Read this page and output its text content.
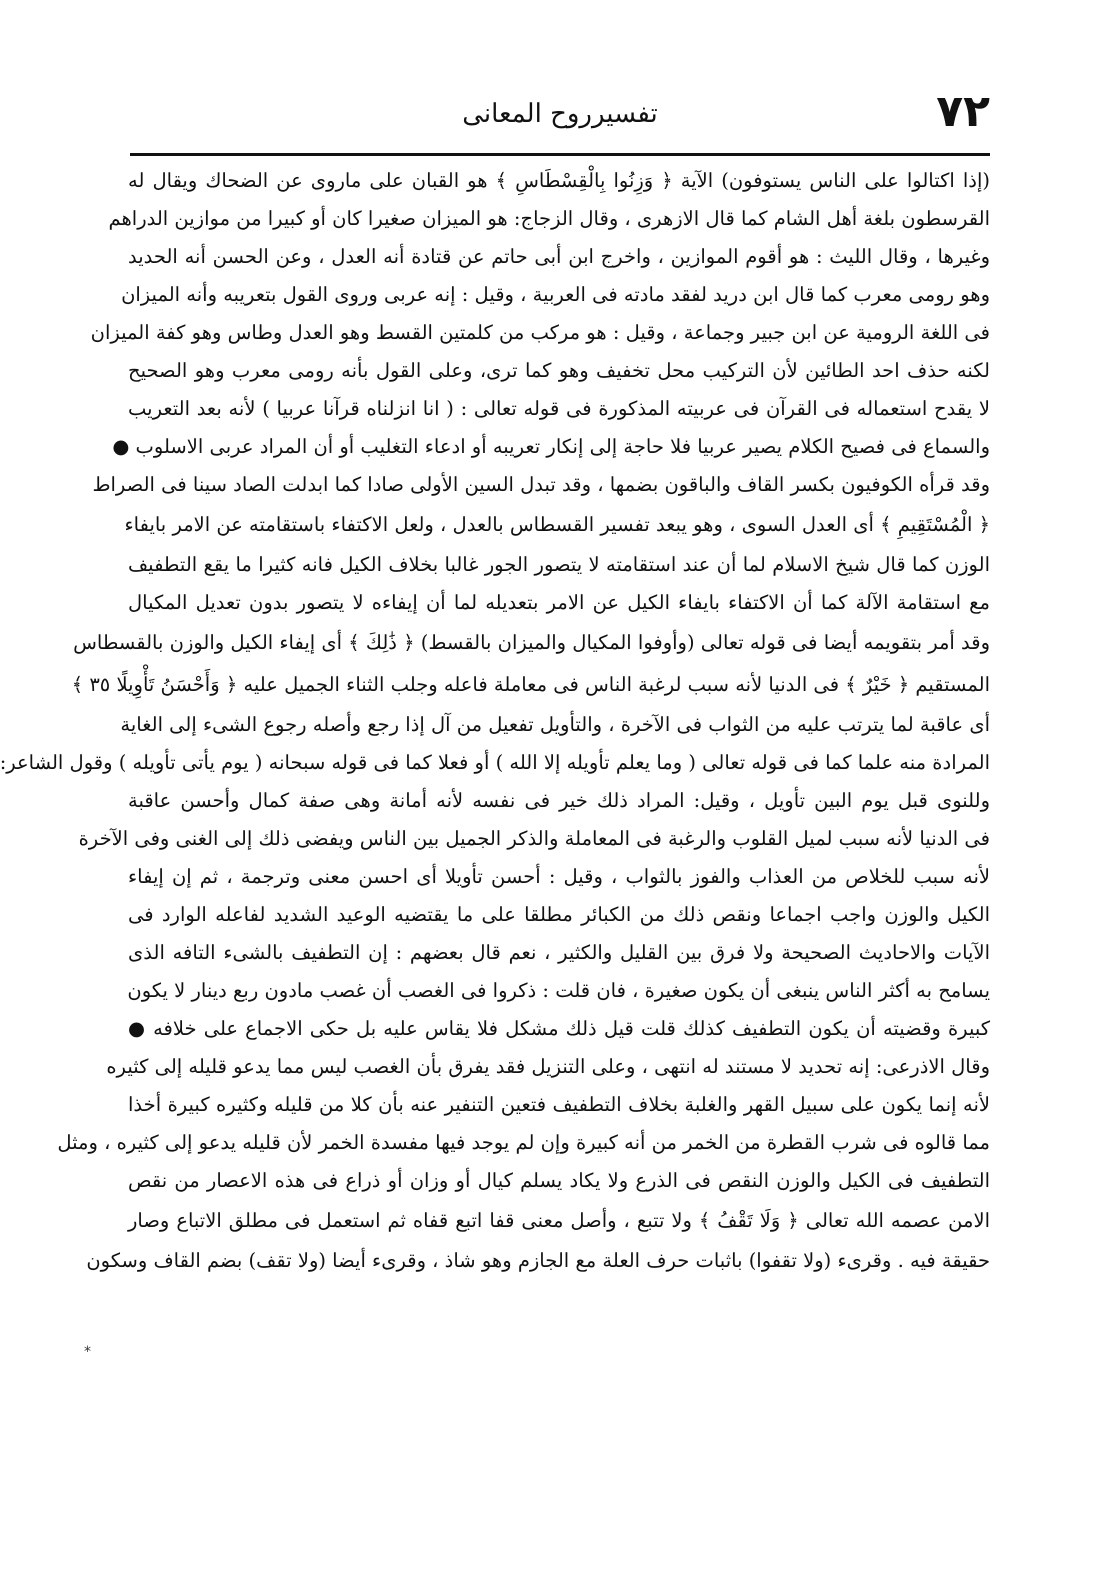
٧٢
تفسيرروح المعانى
(إذا اكتالوا على الناس يستوفون) الآية ﴿ وَزِنُوا بِالْقِسْطَاسِ ﴾ هو القبان على ماروى عن الضحاك ويقال له
القرسطون بلغة أهل الشام كما قال الازهرى ، وقال الزجاج: هو الميزان صغيرا كان أو كبيرا من موازين الدراهم
وغيرها ، وقال الليث : هو أقوم الموازين ، واخرج ابن أبى حاتم عن قتادة أنه العدل ، وعن الحسن أنه الحديد
وهو رومى معرب كما قال ابن دريد لفقد مادته فى العربية ، وقيل : إنه عربى وروى القول بتعريبه وأنه الميزان
فى اللغة الرومية عن ابن جبير وجماعة ، وقيل : هو مركب من كلمتين القسط وهو العدل وطاس وهو كفة الميزان
لكنه حذف احد الطائين لأن التركيب محل تخفيف وهو كما ترى، وعلى القول بأنه رومى معرب وهو الصحيح
لا يقدح استعماله فى القرآن فى عربيته المذكورة فى قوله تعالى : ( انا انزلناه قرآنا عربيا ) لأنه بعد التعريب
والسماع فى فصيح الكلام يصير عربيا فلا حاجة إلى إنكار تعريبه أو ادعاء التغليب أو أن المراد عربى الاسلوب ●
وقد قرأه الكوفيون بكسر القاف والباقون بضمها ، وقد تبدل السين الأولى صادا كما ابدلت الصاد سينا فى الصراط
﴿ الْمُسْتَقِيمِ ﴾ أى العدل السوى ، وهو يبعد تفسير القسطاس بالعدل ، ولعل الاكتفاء باستقامته عن الامر بايفاء
الوزن كما قال شيخ الاسلام لما أن عند استقامته لا يتصور الجور غالبا بخلاف الكيل فانه كثيرا ما يقع التطفيف
مع استقامة الآلة كما أن الاكتفاء بايفاء الكيل عن الامر بتعديله لما أن إيفاءه لا يتصور بدون تعديل المكيال
وقد أمر بتقويمه أيضا فى قوله تعالى (وأوفوا المكيال والميزان بالقسط) ﴿ ذَٰلِكَ ﴾ أى إيفاء الكيل والوزن بالقسطاس
المستقيم ﴿ خَيْرٌ ﴾ فى الدنيا لأنه سبب لرغبة الناس فى معاملة فاعله وجلب الثناء الجميل عليه ﴿ وَأَحْسَنُ تَأْوِيلًا ٣٥ ﴾
أى عاقبة لما يترتب عليه من الثواب فى الآخرة ، والتأويل تفعيل من آل إذا رجع وأصله رجوع الشىء إلى الغاية
المرادة منه علما كما فى قوله تعالى ( وما يعلم تأويله إلا الله ) أو فعلا كما فى قوله سبحانه ( يوم يأتى تأويله ) وقول الشاعر:
وللنوى قبل يوم البين تأويل ، وقيل: المراد ذلك خير فى نفسه لأنه أمانة وهى صفة كمال وأحسن عاقبة
فى الدنيا لأنه سبب لميل القلوب والرغبة فى المعاملة والذكر الجميل بين الناس ويفضى ذلك إلى الغنى وفى الآخرة
لأنه سبب للخلاص من العذاب والفوز بالثواب ، وقيل : أحسن تأويلا أى احسن معنى وترجمة ، ثم إن إيفاء
الكيل والوزن واجب اجماعا ونقص ذلك من الكبائر مطلقا على ما يقتضيه الوعيد الشديد لفاعله الوارد فى
الآيات والاحاديث الصحيحة ولا فرق بين القليل والكثير ، نعم قال بعضهم : إن التطفيف بالشىء التافه الذى
يسامح به أكثر الناس ينبغى أن يكون صغيرة ، فان قلت : ذكروا فى الغصب أن غصب مادون ربع دينار لا يكون
كبيرة وقضيته أن يكون التطفيف كذلك قلت قيل ذلك مشكل فلا يقاس عليه بل حكى الاجماع على خلافه ●
وقال الاذرعى: إنه تحديد لا مستند له انتهى ، وعلى التنزيل فقد يفرق بأن الغصب ليس مما يدعو قليله إلى كثيره
لأنه إنما يكون على سبيل القهر والغلبة بخلاف التطفيف فتعين التنفير عنه بأن كلا من قليله وكثيره كبيرة أخذا
مما قالوه فى شرب القطرة من الخمر من أنه كبيرة وإن لم يوجد فيها مفسدة الخمر لأن قليله يدعو إلى كثيره ، ومثل
التطفيف فى الكيل والوزن النقص فى الذرع ولا يكاد يسلم كيال أو وزان أو ذراع فى هذه الاعصار من نقص
الامن عصمه الله تعالى ﴿ وَلَا تَقْفُ ﴾ ولا تتبع ، وأصل معنى قفا اتبع قفاه ثم استعمل فى مطلق الاتباع وصار
حقيقة فيه . وقرىء (ولا تقفوا) باثبات حرف العلة مع الجازم وهو شاذ ، وقرىء أيضا (ولا تقف) بضم القاف وسكون
*
